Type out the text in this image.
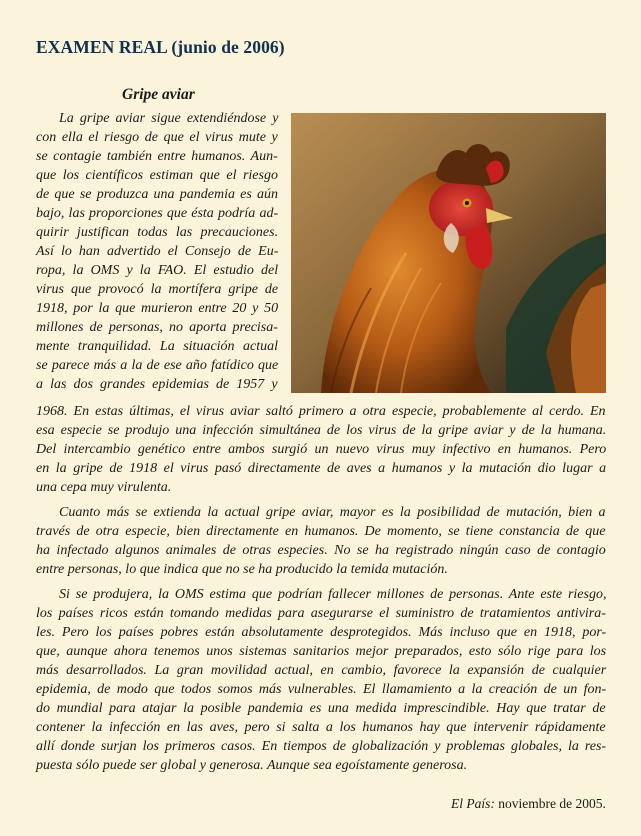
EXAMEN REAL (junio de 2006)
Gripe aviar
La gripe aviar sigue extendiéndose y
con ella el riesgo de que el virus mute y
se contagie también entre humanos. Aun-
que los científicos estiman que el riesgo
de que se produzca una pandemia es aún
bajo, las proporciones que ésta podría ad-
quirir justifican todas las precauciones.
Así lo han advertido el Consejo de Eu-
ropa, la OMS y la FAO. El estudio del
virus que provocó la mortífera gripe de
1918, por la que murieron entre 20 y 50
millones de personas, no aporta precisa-
mente tranquilidad. La situación actual
se parece más a la de ese año fatídico que
a las dos grandes epidemias de 1957 y
1968. En estas últimas, el virus aviar saltó primero a otra especie, probablemente al cerdo. En
esa especie se produjo una infección simultánea de los virus de la gripe aviar y de la humana.
Del intercambio genético entre ambos surgió un nuevo virus muy infectivo en humanos. Pero
en la gripe de 1918 el virus pasó directamente de aves a humanos y la mutación dio lugar a
una cepa muy virulenta.
Cuanto más se extienda la actual gripe aviar, mayor es la posibilidad de mutación, bien a
través de otra especie, bien directamente en humanos. De momento, se tiene constancia de que
ha infectado algunos animales de otras especies. No se ha registrado ningún caso de contagio
entre personas, lo que indica que no se ha producido la temida mutación.
Si se produjera, la OMS estima que podrían fallecer millones de personas. Ante este riesgo,
los países ricos están tomando medidas para asegurarse el suministro de tratamientos antivira-
les. Pero los países pobres están absolutamente desprotegidos. Más incluso que en 1918, por-
que, aunque ahora tenemos unos sistemas sanitarios mejor preparados, esto sólo rige para los
más desarrollados. La gran movilidad actual, en cambio, favorece la expansión de cualquier
epidemia, de modo que todos somos más vulnerables. El llamamiento a la creación de un fon-
do mundial para atajar la posible pandemia es una medida imprescindible. Hay que tratar de
contener la infección en las aves, pero si salta a los humanos hay que intervenir rápidamente
allí donde surjan los primeros casos. En tiempos de globalización y problemas globales, la res-
puesta sólo puede ser global y generosa. Aunque sea egoístamente generosa.
El País: noviembre de 2005.
